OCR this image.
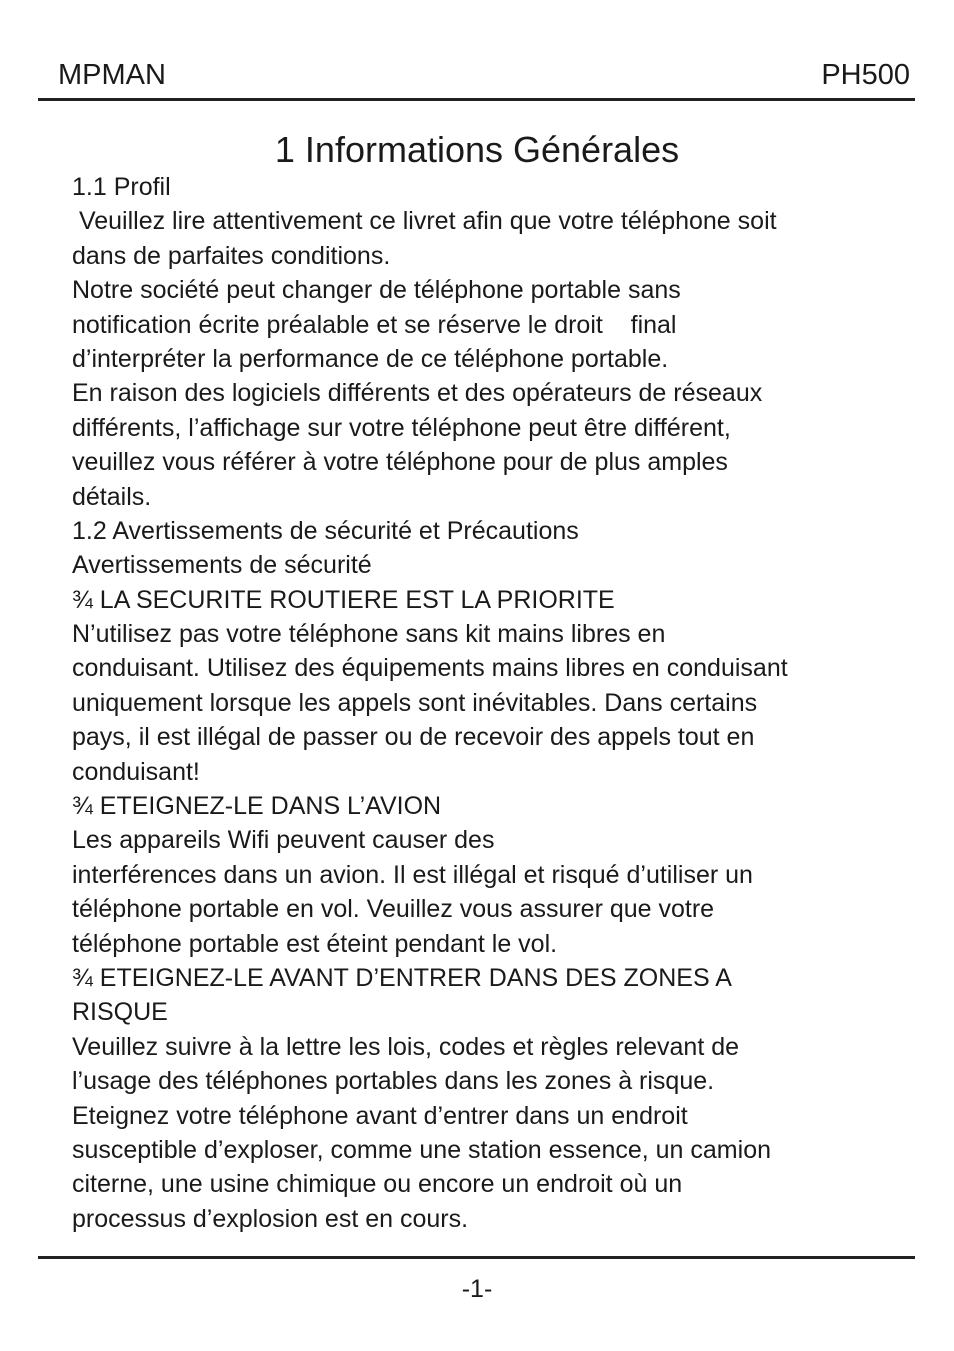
MPMAN	PH500
1 Informations Générales
1.1 Profil
Veuillez lire attentivement ce livret afin que votre téléphone soit
dans de parfaites conditions.
Notre société peut changer de téléphone portable sans
notification écrite préalable et se réserve le droit    final
d’interpréter la performance de ce téléphone portable.
En raison des logiciels différents et des opérateurs de réseaux
différents, l’affichage sur votre téléphone peut être différent,
veuillez vous référer à votre téléphone pour de plus amples
détails.
1.2 Avertissements de sécurité et Précautions
Avertissements de sécurité
¾ LA SECURITE ROUTIERE EST LA PRIORITE
N’utilisez pas votre téléphone sans kit mains libres en
conduisant. Utilisez des équipements mains libres en conduisant
uniquement lorsque les appels sont inévitables. Dans certains
pays, il est illégal de passer ou de recevoir des appels tout en
conduisant!
¾ ETEIGNEZ-LE DANS L’AVION
Les appareils Wifi peuvent causer des
interférences dans un avion. Il est illégal et risqué d’utiliser un
téléphone portable en vol. Veuillez vous assurer que votre
téléphone portable est éteint pendant le vol.
¾ ETEIGNEZ-LE AVANT D’ENTRER DANS DES ZONES A
RISQUE
Veuillez suivre à la lettre les lois, codes et règles relevant de
l’usage des téléphones portables dans les zones à risque.
Eteignez votre téléphone avant d’entrer dans un endroit
susceptible d’exploser, comme une station essence, un camion
citerne, une usine chimique ou encore un endroit où un
processus d’explosion est en cours.
-1-
